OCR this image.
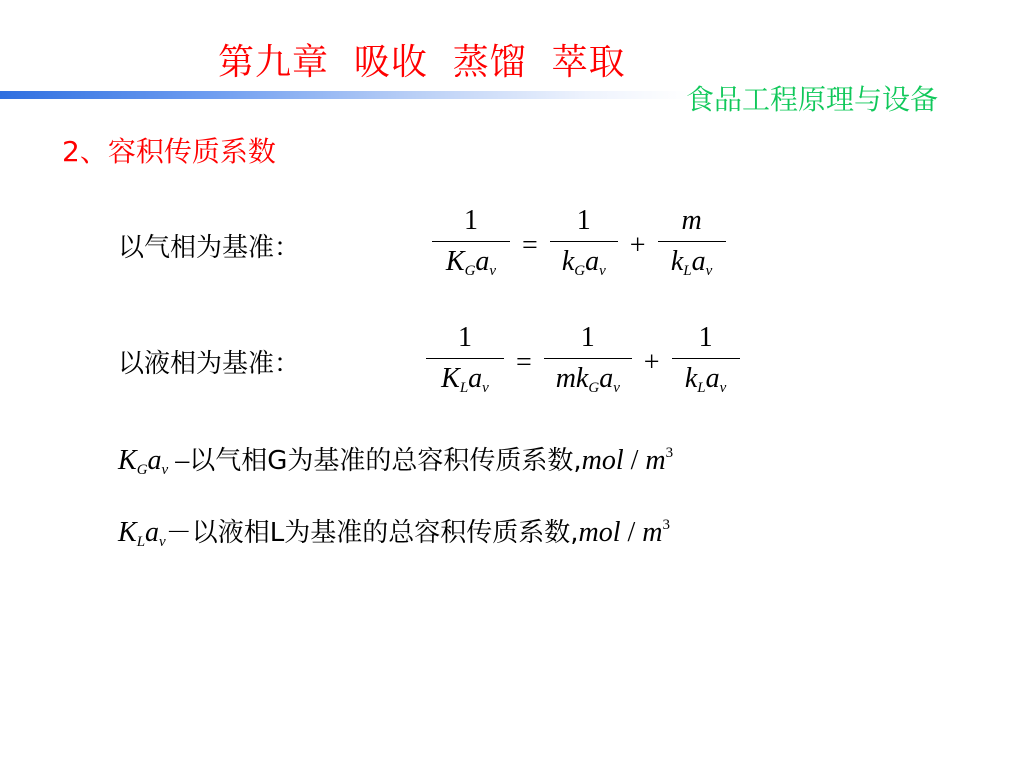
第九章  吸收  蒸馏  萃取
食品工程原理与设备
2、容积传质系数
以气相为基准：	$\frac{1}{K_Ga_v} = \frac{1}{k_Ga_v} + \frac{m}{k_La_v}$
以液相为基准：	$\frac{1}{K_La_v} = \frac{1}{mk_Ga_v} + \frac{1}{k_La_v}$
$K_Ga_v$ –以气相G为基准的总容积传质系数,mol / $m^3$
$K_La_v-$以液相L为基准的总容积传质系数,mol / $m^3$
